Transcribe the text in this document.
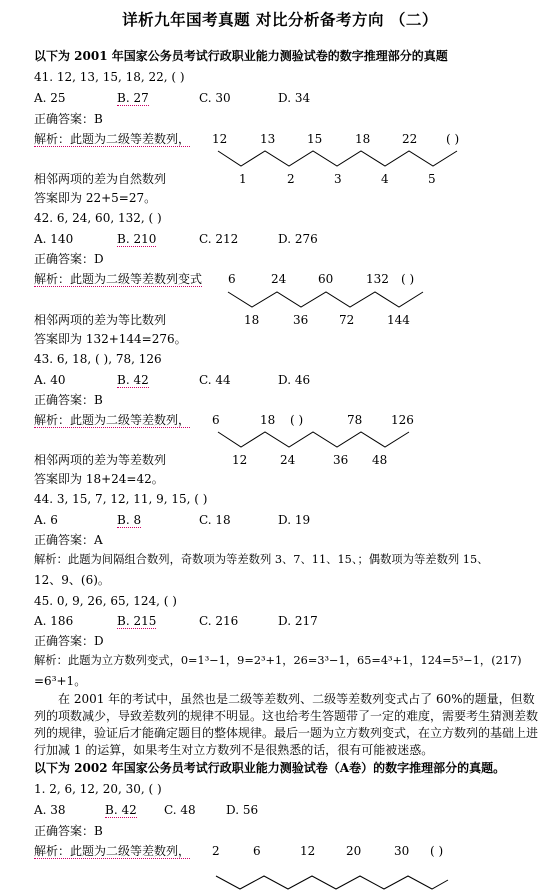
详析九年国考真题 对比分析备考方向 （二）
以下为 2001 年国家公务员考试行政职业能力测验试卷的数字推理部分的真题
41. 12, 13, 15, 18, 22, ( )
A. 25	B. 27	C. 30	D. 34
正确答案：B
解析：此题为二级等差数列， 12	13	15	18	22 ( )
1	2	3	4	5
相邻两项的差为自然数列
答案即为 22+5=27。
42. 6, 24, 60, 132, ( )
A. 140	B. 210	C. 212	D. 276
正确答案：D
解析：此题为二级等差数列变式 6	24	60	132 ( )
相邻两项的差为等比数列	18	36	72	144
答案即为 132+144=276。
43. 6, 18, ( ), 78, 126
A. 40	B. 42	C. 44	D. 46
正确答案：B
解析：此题为二级等差数列， 6	18 ( )	78 126
相邻两项的差为等差数列	12	24	36 48
答案即为 18+24=42。
44. 3, 15, 7, 12, 11, 9, 15, ( )
A. 6	B. 8	C. 18	D. 19
正确答案：A
解析：此题为间隔组合数列，奇数项为等差数列 3、7、11、15、；偶数项为等差数列 15、
12、9、(6)。
45. 0, 9, 26, 65, 124, ( )
A. 186	B. 215	C. 216	D. 217
正确答案：D
解析：此题为立方数列变式，0=1³−1，9=2³+1，26=3³−1，65=4³+1，124=5³−1，(217)
=6³+1。
在 2001 年的考试中，虽然也是二级等差数列、二级等差数列变式占了 60%的题量，但数列的项数减少，导致差数列的规律不明显。这也给考生答题带了一定的难度，需要考生猜测差数列的规律，验证后才能确定题目的整体规律。最后一题为立方数列变式，在立方数列的基础上进行加减 1 的运算，如果考生对立方数列不是很熟悉的话，很有可能被迷惑。
以下为 2002 年国家公务员考试行政职业能力测验试卷（A卷）的数字推理部分的真题。
1. 2, 6, 12, 20, 30, ( )
A. 38	B. 42 C. 48	D. 56
正确答案：B
解析：此题为二级等差数列， 2	6	12	20	30 ( )
